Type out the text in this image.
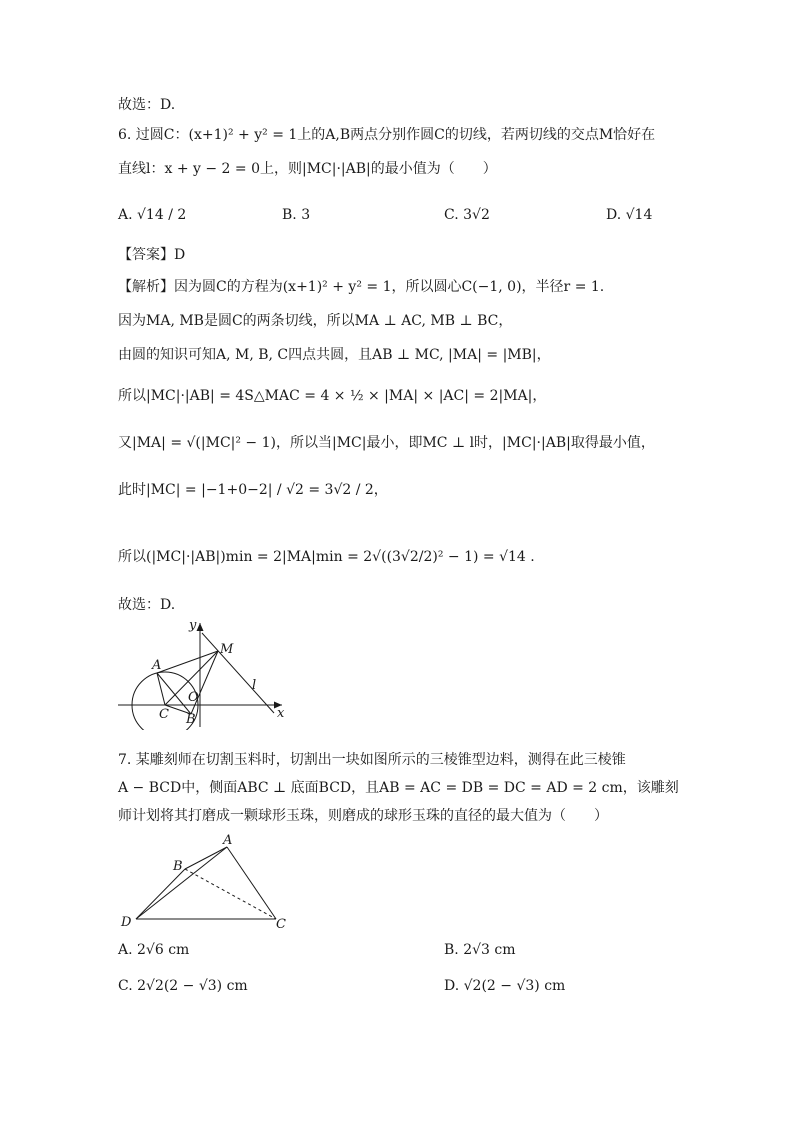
故选：D.
6. 过圆C：(x+1)² + y² = 1上的A,B两点分别作圆C的切线，若两切线的交点M恰好在
直线l：x + y − 2 = 0上，则|MC|·|AB|的最小值为（　　）
A. √14 / 2	B. 3	C. 3√2	D. √14
【答案】D
【解析】因为圆C的方程为(x+1)² + y² = 1，所以圆心C(−1, 0)，半径r = 1.
因为MA, MB是圆C的两条切线，所以MA ⊥ AC, MB ⊥ BC，
由圆的知识可知A, M, B, C四点共圆，且AB ⊥ MC, |MA| = |MB|，
所以|MC|·|AB| = 4S△MAC = 4 × ½ × |MA| × |AC| = 2|MA|，
又|MA| = √(|MC|² − 1)，所以当|MC|最小，即MC ⊥ l时，|MC|·|AB|取得最小值，
此时|MC| = |−1+0−2| / √2 = 3√2 / 2，
所以(|MC|·|AB|)min = 2|MA|min = 2√((3√2/2)² − 1) = √14 .
故选：D.
y
x
M
A
O
l
C B
7. 某雕刻师在切割玉料时，切割出一块如图所示的三棱锥型边料，测得在此三棱锥
A − BCD中，侧面ABC ⊥ 底面BCD，且AB = AC = DB = DC = AD = 2 cm，该雕刻
师计划将其打磨成一颗球形玉珠，则磨成的球形玉珠的直径的最大值为（　　）
A
B
D	C
A. 2√6 cm	B. 2√3 cm
C. 2√2(2 − √3) cm	D. √2(2 − √3) cm
